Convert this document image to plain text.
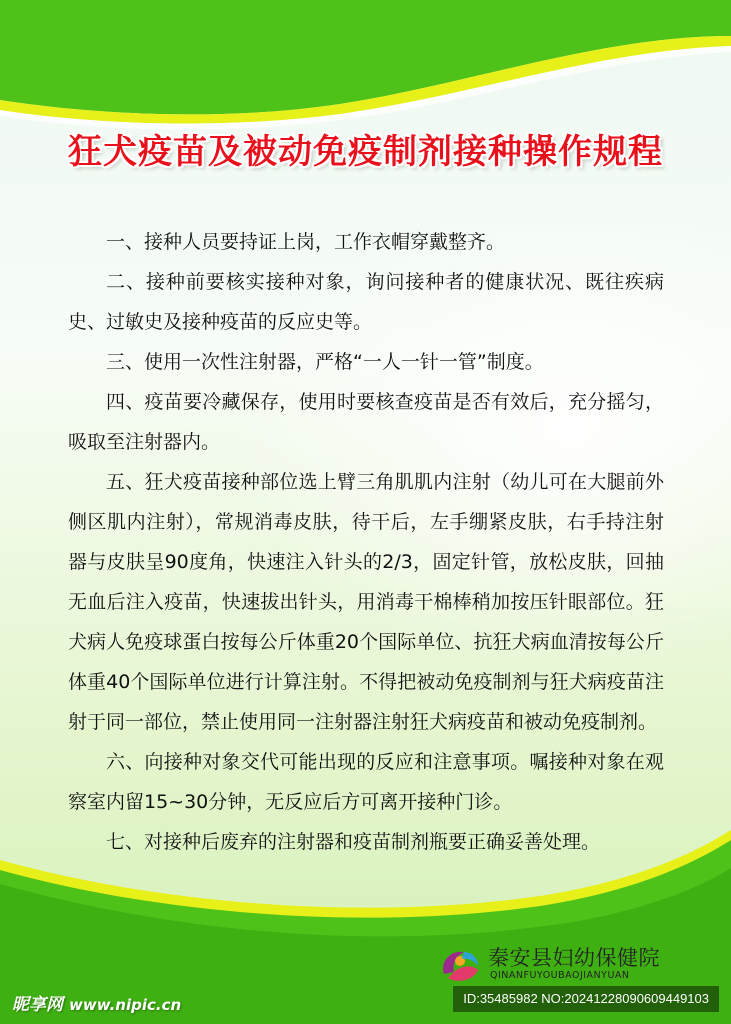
狂犬疫苗及被动免疫制剂接种操作规程

一、接种人员要持证上岗，工作衣帽穿戴整齐。

二、接种前要核实接种对象，询问接种者的健康状况、既往疾病史、过敏史及接种疫苗的反应史等。

三、使用一次性注射器，严格“一人一针一管”制度。

四、疫苗要冷藏保存，使用时要核查疫苗是否有效后，充分摇匀，吸取至注射器内。

五、狂犬疫苗接种部位选上臂三角肌肌内注射（幼儿可在大腿前外侧区肌内注射），常规消毒皮肤，待干后，左手绷紧皮肤，右手持注射器与皮肤呈90度角，快速注入针头的2/3，固定针管，放松皮肤，回抽无血后注入疫苗，快速拔出针头，用消毒干棉棒稍加按压针眼部位。狂犬病人免疫球蛋白按每公斤体重20个国际单位、抗狂犬病血清按每公斤体重40个国际单位进行计算注射。不得把被动免疫制剂与狂犬病疫苗注射于同一部位，禁止使用同一注射器注射狂犬病疫苗和被动免疫制剂。

六、向接种对象交代可能出现的反应和注意事项。嘱接种对象在观察室内留15~30分钟，无反应后方可离开接种门诊。

七、对接种后废弃的注射器和疫苗制剂瓶要正确妥善处理。

秦安县妇幼保健院
QINANFUYOUBAOJIANYUAN
昵享网 www.nipic.cn	ID:35485982 NO:20241228090609449103
